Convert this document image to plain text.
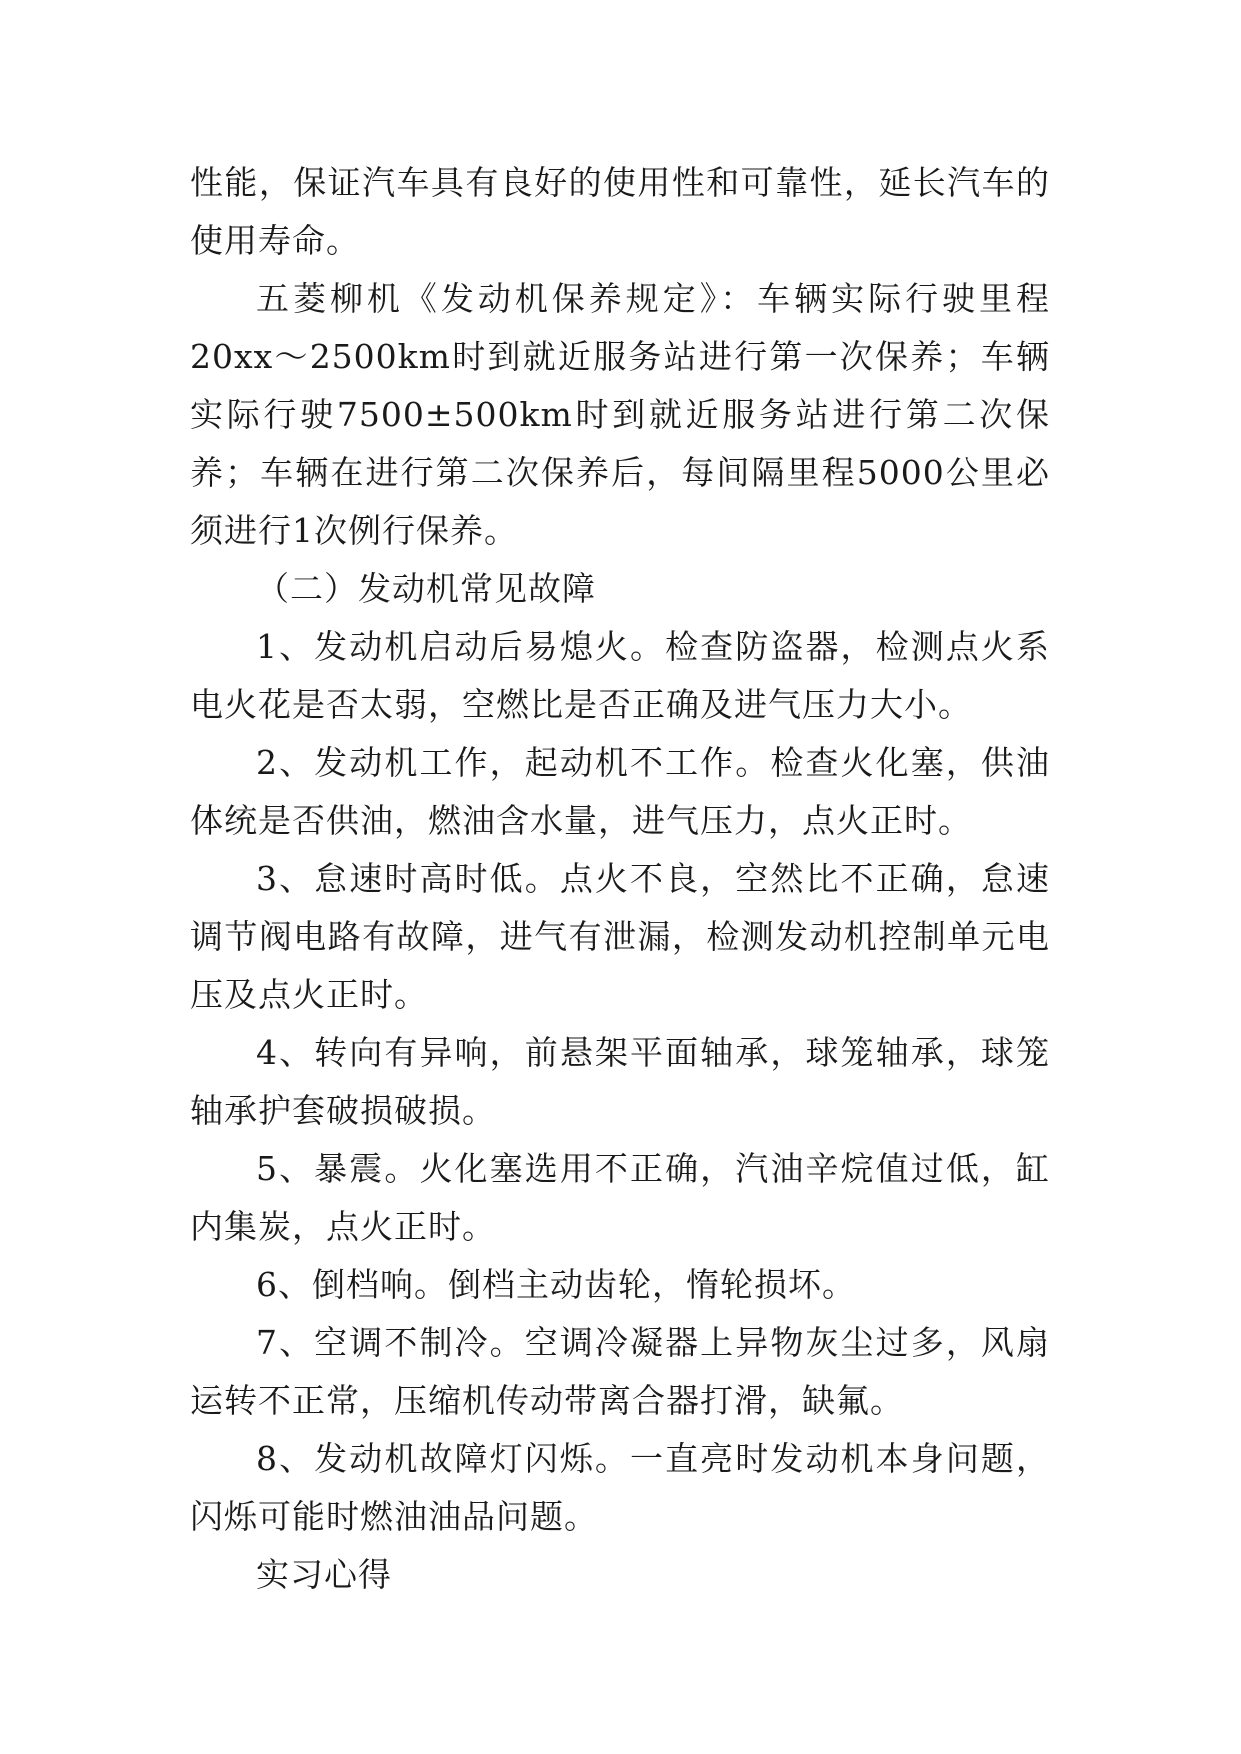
性能，保证汽车具有良好的使用性和可靠性，延长汽车的使用寿命。

五菱柳机《发动机保养规定》：车辆实际行驶里程20xx～2500km时到就近服务站进行第一次保养；车辆实际行驶7500±500km时到就近服务站进行第二次保养；车辆在进行第二次保养后，每间隔里程5000公里必须进行1次例行保养。

（二）发动机常见故障

1、发动机启动后易熄火。检查防盗器，检测点火系电火花是否太弱，空燃比是否正确及进气压力大小。

2、发动机工作，起动机不工作。检查火化塞，供油体统是否供油，燃油含水量，进气压力，点火正时。

3、怠速时高时低。点火不良，空然比不正确，怠速调节阀电路有故障，进气有泄漏，检测发动机控制单元电压及点火正时。

4、转向有异响，前悬架平面轴承，球笼轴承，球笼轴承护套破损破损。

5、暴震。火化塞选用不正确，汽油辛烷值过低，缸内集炭，点火正时。

6、倒档响。倒档主动齿轮，惰轮损坏。

7、空调不制冷。空调冷凝器上异物灰尘过多，风扇运转不正常，压缩机传动带离合器打滑，缺氟。

8、发动机故障灯闪烁。一直亮时发动机本身问题，闪烁可能时燃油油品问题。

实习心得
